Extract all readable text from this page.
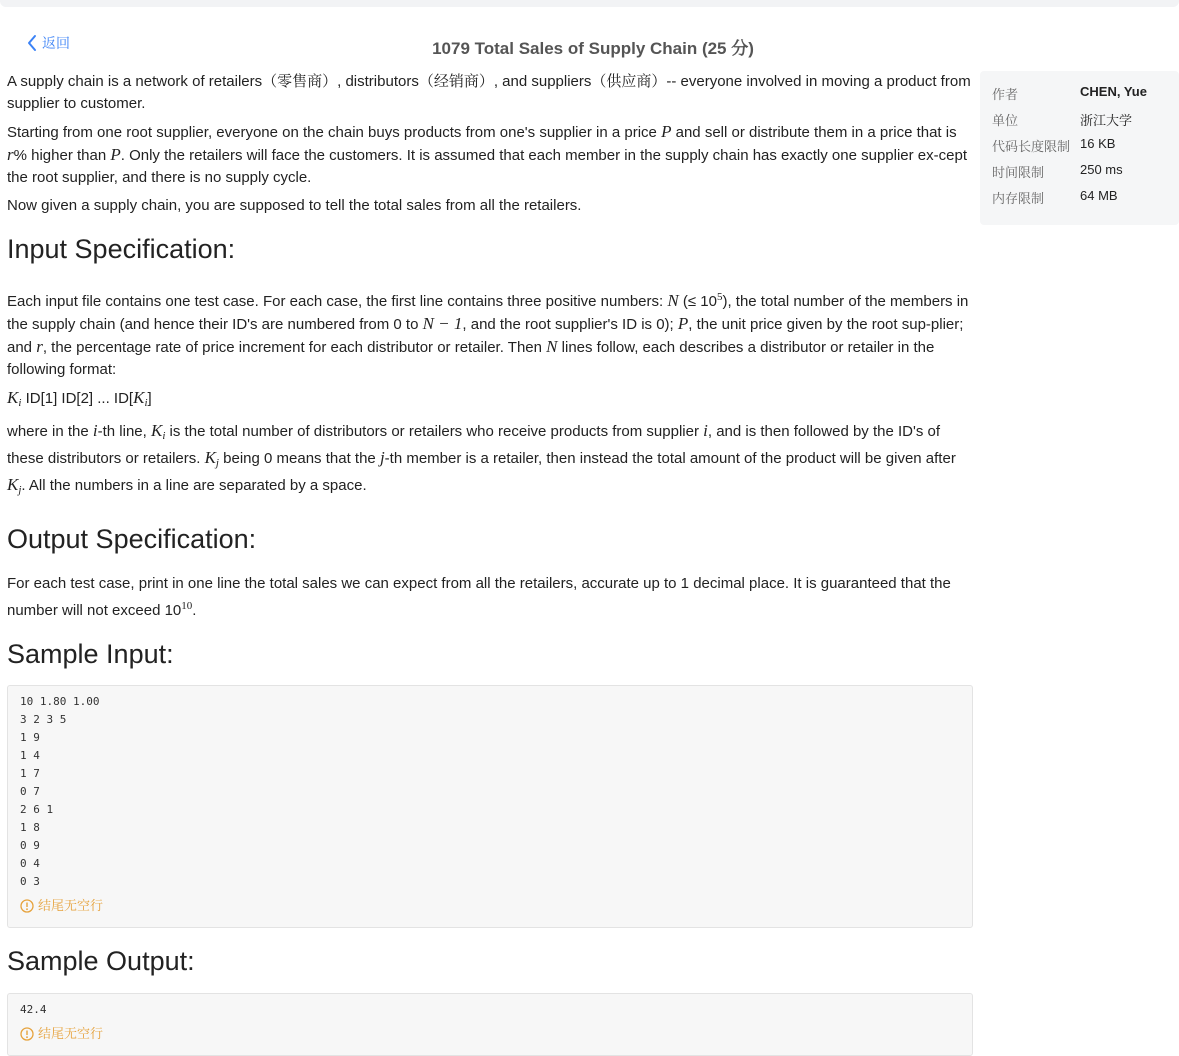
返回	1079 Total Sales of Supply Chain (25 分)

A supply chain is a network of retailers（零售商）, distributors（经销商）, and suppliers（供应商）-- everyone involved in moving a product from supplier to customer.

Starting from one root supplier, everyone on the chain buys products from one's supplier in a price P and sell or distribute them in a price that is r% higher than P. Only the retailers will face the customers. It is assumed that each member in the supply chain has exactly one supplier ex-cept the root supplier, and there is no supply cycle.

Now given a supply chain, you are supposed to tell the total sales from all the retailers.

Input Specification:

Each input file contains one test case. For each case, the first line contains three positive numbers: N (≤ $10^5$), the total number of the members in the supply chain (and hence their ID's are numbered from 0 to N − 1, and the root supplier's ID is 0); P, the unit price given by the root sup-plier; and r, the percentage rate of price increment for each distributor or retailer. Then N lines follow, each describes a distributor or retailer in the following format:

$K_i$ ID[1] ID[2] ... $ID[K_i]$

where in the i-th line, $K_i$ is the total number of distributors or retailers who receive products from supplier i, and is then followed by the ID's of these distributors or retailers. $K_j$ being 0 means that the j-th member is a retailer, then instead the total amount of the product will be given after $K_j$. All the numbers in a line are separated by a space.

Output Specification:

For each test case, print in one line the total sales we can expect from all the retailers, accurate up to 1 decimal place. It is guaranteed that the number will not exceed $10^{10}$.

Sample Input:
10 1.80 1.00
3 2 3 5
1 9
1 4
1 7
0 7
2 6 1
1 8
0 9
0 4
0 3
结尾无空行
Sample Output:
42.4
结尾无空行
作者	CHEN, Yue
单位	浙江大学
代码长度限制 16 KB
时间限制	250 ms
内存限制	64 MB
